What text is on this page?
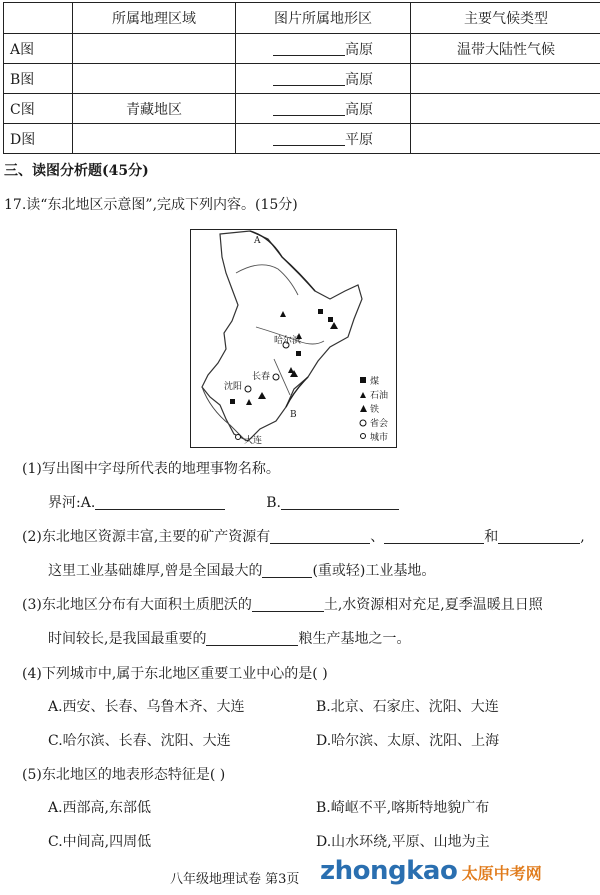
	所属地理区域	图片所属地形区	主要气候类型
A图		高原	温带大陆性气候
B图		高原	
C图	青藏地区	高原	
D图		平原	
三、读图分析题(45分)
17.读“东北地区示意图”,完成下列内容。(15分)
A
B
哈尔滨
长春
沈阳
大连
煤
石油
铁
省会
城市
(1)写出图中字母所代表的地理事物名称。
界河:A.	B.
(2)东北地区资源丰富,主要的矿产资源有	、	和	,
这里工业基础雄厚,曾是全国最大的	(重或轻)工业基地。
(3)东北地区分布有大面积土质肥沃的	土,水资源相对充足,夏季温暖且日照
时间较长,是我国最重要的	粮生产基地之一。
(4)下列城市中,属于东北地区重要工业中心的是( )
A.西安、长春、乌鲁木齐、大连	B.北京、石家庄、沈阳、大连
C.哈尔滨、长春、沈阳、大连	D.哈尔滨、太原、沈阳、上海
(5)东北地区的地表形态特征是( )
A.西部高,东部低	B.崎岖不平,喀斯特地貌广布
C.中间高,四周低	D.山水环绕,平原、山地为主
八年级地理试卷 第3页 zhongkao 太原中考网
